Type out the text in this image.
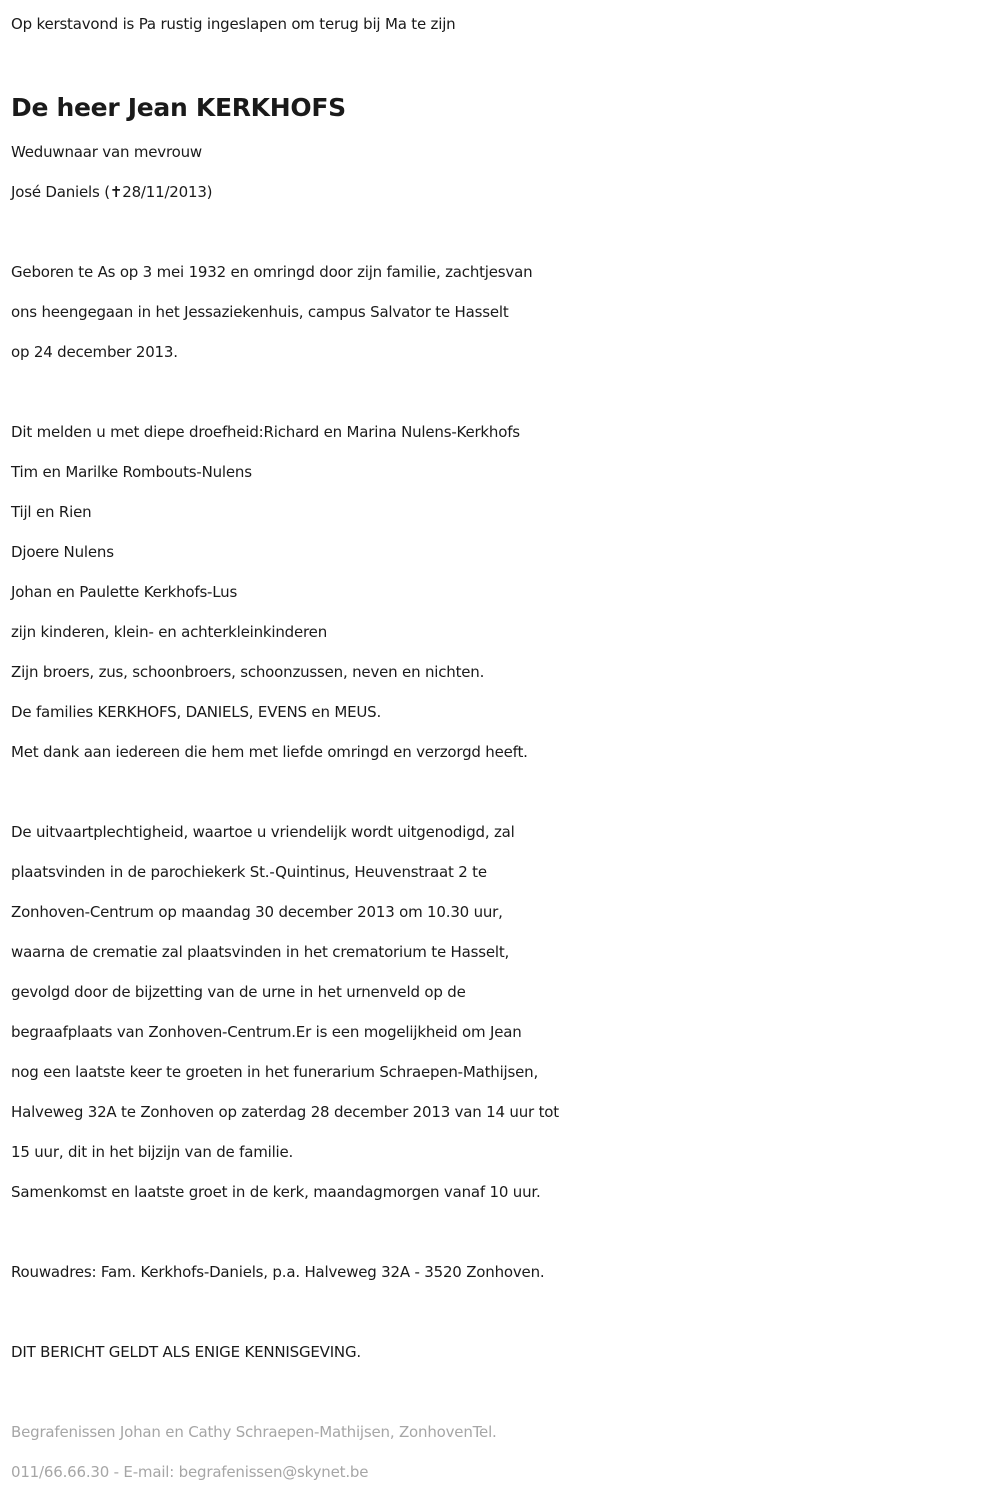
Op kerstavond is Pa rustig ingeslapen om terug bij Ma te zijn
De heer Jean KERKHOFS
Weduwnaar van mevrouw
José Daniels (✝28/11/2013)
Geboren te As op 3 mei 1932 en omringd door zijn familie, zachtjesvan
ons heengegaan in het Jessaziekenhuis, campus Salvator te Hasselt
op 24 december 2013.
Dit melden u met diepe droefheid:Richard en Marina Nulens-Kerkhofs
Tim en Marilke Rombouts-Nulens
Tijl en Rien
Djoere Nulens
Johan en Paulette Kerkhofs-Lus
zijn kinderen, klein- en achterkleinkinderen
Zijn broers, zus, schoonbroers, schoonzussen, neven en nichten.
De families KERKHOFS, DANIELS, EVENS en MEUS.
Met dank aan iedereen die hem met liefde omringd en verzorgd heeft.
De uitvaartplechtigheid, waartoe u vriendelijk wordt uitgenodigd, zal
plaatsvinden in de parochiekerk St.-Quintinus, Heuvenstraat 2 te
Zonhoven-Centrum op maandag 30 december 2013 om 10.30 uur,
waarna de crematie zal plaatsvinden in het crematorium te Hasselt,
gevolgd door de bijzetting van de urne in het urnenveld op de
begraafplaats van Zonhoven-Centrum.Er is een mogelijkheid om Jean
nog een laatste keer te groeten in het funerarium Schraepen-Mathijsen,
Halveweg 32A te Zonhoven op zaterdag 28 december 2013 van 14 uur tot
15 uur, dit in het bijzijn van de familie.
Samenkomst en laatste groet in de kerk, maandagmorgen vanaf 10 uur.
Rouwadres: Fam. Kerkhofs-Daniels, p.a. Halveweg 32A - 3520 Zonhoven.
DIT BERICHT GELDT ALS ENIGE KENNISGEVING.
Begrafenissen Johan en Cathy Schraepen-Mathijsen, ZonhovenTel.
011/66.66.30 - E-mail: begrafenissen@skynet.be
